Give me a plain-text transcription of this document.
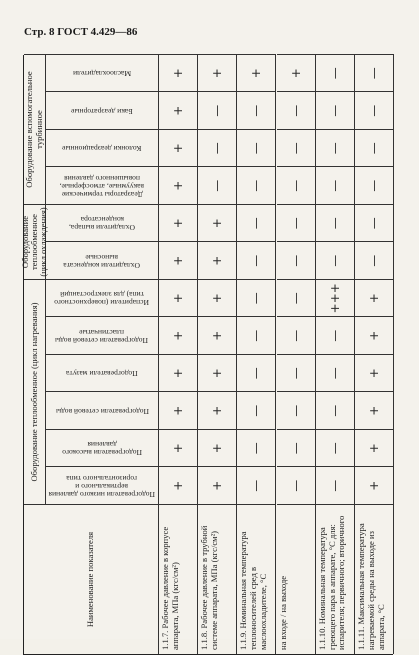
Стр. 8 ГОСТ 4.429—86
Наименование показателя
Оборудование теплообменное (цикл нагревания)
Оборудование теплообменное (цикл охлаждения)
Оборудование вспомогательное турбинное
Подогреватели низкого давления вертикального и горизонтального типа
Подогреватели высокого давления
Подогреватели сетевой воды
Подогреватели мазута
Подогреватели сетевой воды пластинчатые
Испарители (поверхностного типа) для электростанций
Охладители конденсата выносные
Охладители выпара, конденсатора
Деаэраторы термические вакуумные, атмосферные, повышенного давления
Колонки деаэрационные
Баки деаэраторные
Маслоохладители
1.1.7. Рабочее давление в корпусе аппарата, МПа (кгс/см²)
+
+
+
+
+
+
+
+
+
+
+
+
1.1.8. Рабочее давление в трубной системе аппарата, МПа (кгс/см²)
+
+
+
+
+
+
+
+
—
—
—
+
1.1.9. Номинальная температура теплоносителей сред в маслоохладителе, °С
—
—
—
—
—
—
—
—
—
—
—
+
на входе / на выходе
—
—
—
—
—
—
—
—
—
—
—
+
1.1.10. Номинальная температура греющего пара в аппарате, °С для: испарителя; первичного; вторичного
—
—
—
—
—
+++
—
—
—
—
—
—
1.1.11. Максимальная температура нагреваемой среды на выходе из аппарата, °С
+
+
+
+
+
+
—
—
—
—
—
—
